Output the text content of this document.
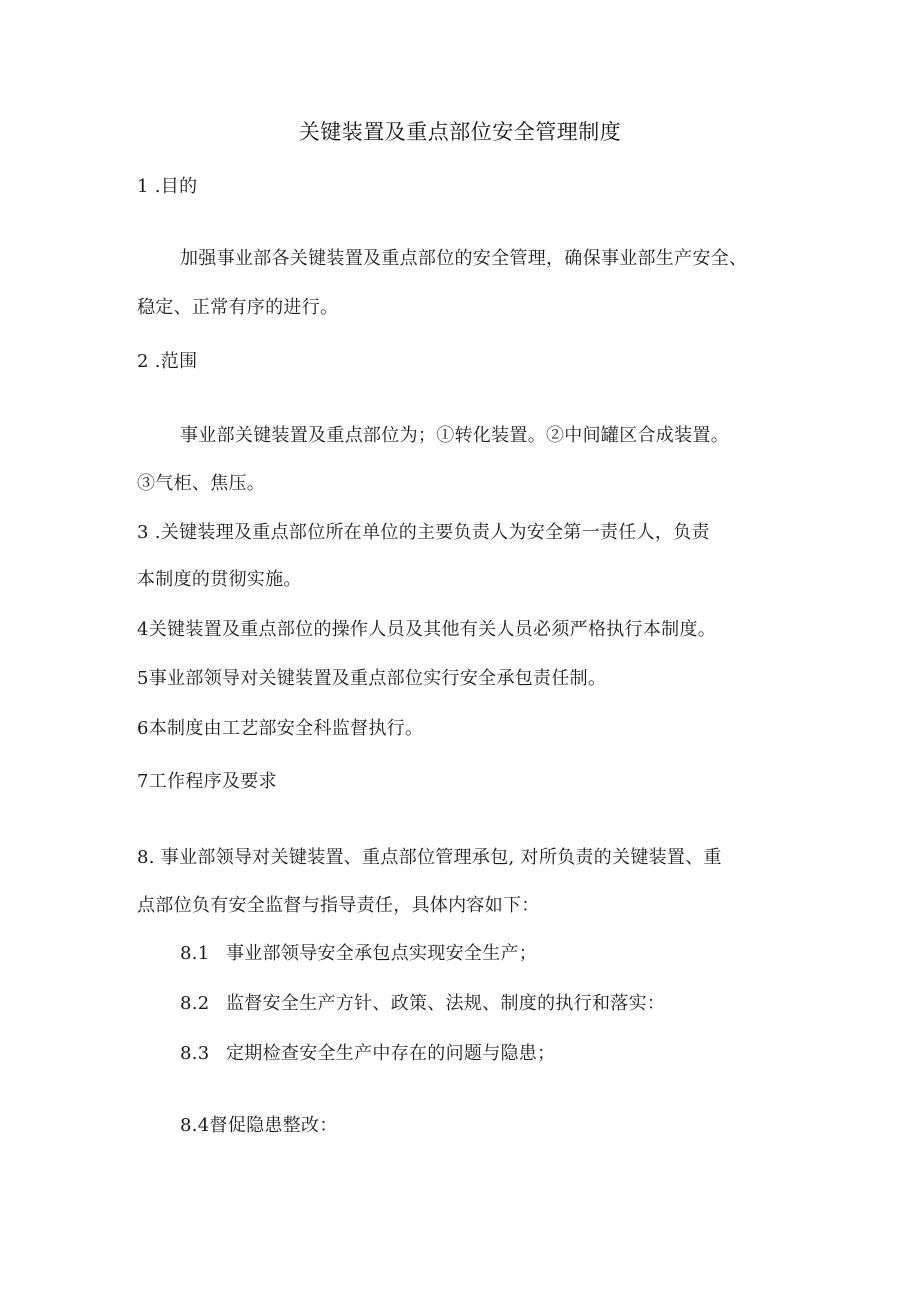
关键装置及重点部位安全管理制度
1 .目的
加强事业部各关键装置及重点部位的安全管理，确保事业部生产安全、
稳定、正常有序的进行。
2 .范围
事业部关键装置及重点部位为；①转化装置。②中间罐区合成装置。
③气柜、焦压。
3 .关键装理及重点部位所在单位的主要负责人为安全第一责任人，负责
本制度的贯彻实施。
4关键装置及重点部位的操作人员及其他有关人员必须严格执行本制度。
5事业部领导对关键装置及重点部位实行安全承包责任制。
6本制度由工艺部安全科监督执行。
7工作程序及要求
8. 事业部领导对关键装置、重点部位管理承包, 对所负责的关键装置、重
点部位负有安全监督与指导责任，具体内容如下：
8.1 事业部领导安全承包点实现安全生产；
8.2 监督安全生产方针、政策、法规、制度的执行和落实：
8.3 定期检查安全生产中存在的问题与隐患；
8.4督促隐患整改：
